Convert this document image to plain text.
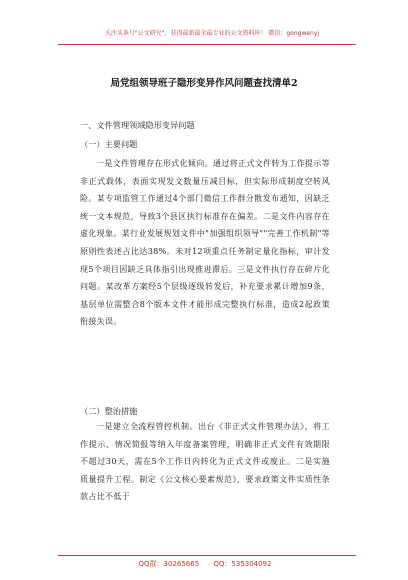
关注头条号"公文研究"，获得最新最全最专业的公文资料库！ 微信：gongwenyj
局党组领导班子隐形变异作风问题查找清单2
一、文件管理领域隐形变异问题
（一）主要问题
一是文件管理存在形式化倾向。通过将正式文件转为工作提示等非正式载体，表面实现发文数量压减目标，但实际形成制度空转风险。某专项监管工作通过4个部门微信工作群分散发布通知，因缺乏统一文本规范，导致3个县区执行标准存在偏差。二是文件内容存在虚化现象。某行业发展规划文件中"加强组织领导""完善工作机制"等原则性表述占比达38%。未对12项重点任务制定量化指标，审计发现5个项目因缺乏具体指引出现推进滞后。三是文件执行存在碎片化问题。某改革方案经5个层级逐级转发后，补充要求累计增加9条，基层单位需整合8个版本文件才能形成完整执行标准，造成2起政策衔接失误。
（二）整治措施
一是建立全流程管控机制。出台《非正式文件管理办法》，将工作提示、情况简报等纳入年度备案管理，明确非正式文件有效期限不超过30天，需在5个工作日内转化为正式文件或废止。二是实施质量提升工程。制定《公文核心要素规范》，要求政策文件实质性条款占比不低于
QQ群：30265665 QQ：535304092
